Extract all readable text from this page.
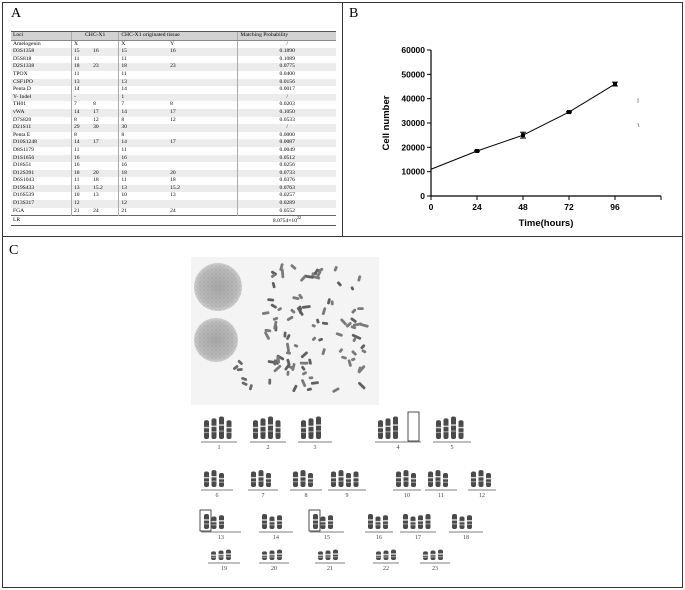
A
Loci	CHC-X1		CHC-X1 originated tissue		Matching Probability
Amelogenin	X		X	Y	/
D3S1358	15	16	15	16	0.1890
D5S818	11		11		0.1089
D2S1338	18	23	18	23	0.0775
TPOX	11		11		0.0400
CSF1PO	13		13		0.0156
Penta D	14		14		0.0017
Y- Indel	-		1		/
TH01	7	8	7	8	0.0203
vWA	14	17	14	17	0.1050
D7S820	8	12	8	12	0.0533
D21S11	29	30	30		/
Penta E	8		8		0.0000
D10S1248	14	17	14	17	0.0087
D8S1179	11		11		0.0049
D1S1656	16		16		0.0512
D18S51	16		16		0.0256
D12S391	18	20	18	20	0.0733
D6S1043	11	18	11	18	0.0376
D19S433	13	15.2	13	15.2	0.0763
D16S539	10	13	10	13	0.0257
D13S317	12		12		0.0289
FGA	21	24	21	24	0.0552
LR					$8.0754\times 10^{22}$
B
0
10000
20000
30000
40000
50000
60000
0	24	48	72	96
Time(hours)
Cell number
C
1	2	3	4	5
6	7	8	9	10	11	12
13	14	15	16	17	18
19	20	21	22	23
